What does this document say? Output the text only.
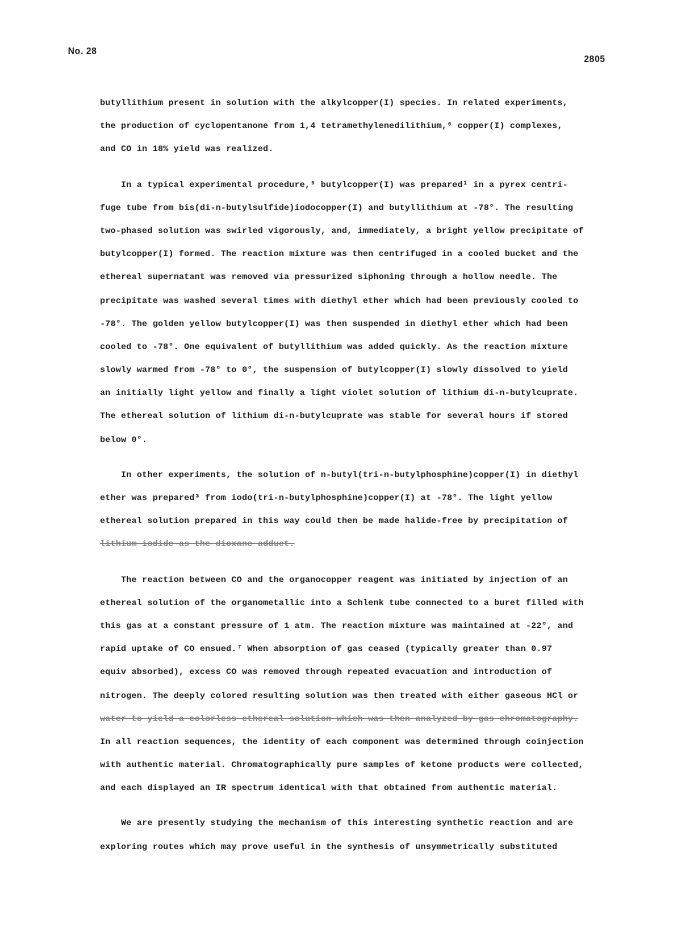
No. 28
2805
butyllithium present in solution with the alkylcopper(I) species. In related experiments,
the production of cyclopentanone from 1,4 tetramethylenedilithium,⁶ copper(I) complexes,
and CO in 18% yield was realized.
In a typical experimental procedure,⁹ butylcopper(I) was prepared¹ in a pyrex centri-
fuge tube from bis(di-n-butylsulfide)iodocopper(I) and butyllithium at -78°. The resulting
two-phased solution was swirled vigorously, and, immediately, a bright yellow precipitate of
butylcopper(I) formed. The reaction mixture was then centrifuged in a cooled bucket and the
ethereal supernatant was removed via pressurized siphoning through a hollow needle. The
precipitate was washed several times with diethyl ether which had been previously cooled to
-78°. The golden yellow butylcopper(I) was then suspended in diethyl ether which had been
cooled to -78°. One equivalent of butyllithium was added quickly. As the reaction mixture
slowly warmed from -78° to 0°, the suspension of butylcopper(I) slowly dissolved to yield
an initially light yellow and finally a light violet solution of lithium di-n-butylcuprate.
The ethereal solution of lithium di-n-butylcuprate was stable for several hours if stored
below 0°.
In other experiments, the solution of n-butyl(tri-n-butylphosphine)copper(I) in diethyl
ether was prepared³ from iodo(tri-n-butylphosphine)copper(I) at -78°. The light yellow
ethereal solution prepared in this way could then be made halide-free by precipitation of
lithium iodide as the dioxane adduct.
The reaction between CO and the organocopper reagent was initiated by injection of an
ethereal solution of the organometallic into a Schlenk tube connected to a buret filled with
this gas at a constant pressure of 1 atm. The reaction mixture was maintained at -22°, and
rapid uptake of CO ensued.⁷ When absorption of gas ceased (typically greater than 0.97
equiv absorbed), excess CO was removed through repeated evacuation and introduction of
nitrogen. The deeply colored resulting solution was then treated with either gaseous HCl or
water to yield a colorless ethereal solution which was then analyzed by gas chromatography.
In all reaction sequences, the identity of each component was determined through coinjection
with authentic material. Chromatographically pure samples of ketone products were collected,
and each displayed an IR spectrum identical with that obtained from authentic material.
We are presently studying the mechanism of this interesting synthetic reaction and are
exploring routes which may prove useful in the synthesis of unsymmetrically substituted
